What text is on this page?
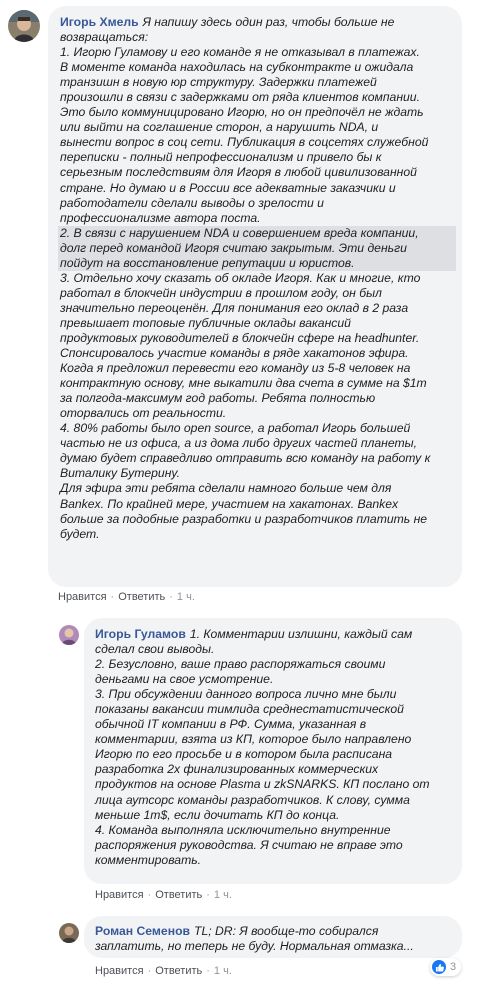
Игорь Хмель Я напишу здесь один раз, чтобы больше не
возвращаться:
1. Игорю Гуламову и его команде я не отказывал в платежах.
В моменте команда находилась на субконтракте и ожидала
транзишн в новую юр структуру. Задержки платежей
произошли в связи с задержками от ряда клиентов компании.
Это было коммуницировано Игорю, но он предпочёл не ждать
или выйти на соглашение сторон, а нарушить NDA, и
вынести вопрос в соц сети. Публикация в соцсетях служебной
переписки - полный непрофессионализм и привело бы к
серьезным последствиям для Игоря в любой цивилизованной
стране. Но думаю и в России все адекватные заказчики и
работодатели сделали выводы о зрелости и
профессионализме автора поста.
2. В связи с нарушением NDA и совершением вреда компании,
долг перед командой Игоря считаю закрытым. Эти деньги
пойдут на восстановление репутации и юристов.
3. Отдельно хочу сказать об окладе Игоря. Как и многие, кто
работал в блокчейн индустрии в прошлом году, он был
значительно переоценён. Для понимания его оклад в 2 раза
превышает топовые публичные оклады вакансий
продуктовых руководителей в блокчейн сфере на headhunter.
Спонсировалось участие команды в ряде хакатонов эфира.
Когда я предложил перевести его команду из 5-8 человек на
контрактную основу, мне выкатили два счета в сумме на $1m
за полгода-максимум год работы. Ребята полностью
оторвались от реальности.
4. 80% работы было open source, а работал Игорь большей
частью не из офиса, а из дома либо других частей планеты,
думаю будет справедливо отправить всю команду на работу к
Виталику Бутерину.
Для эфира эти ребята сделали намного больше чем для
Bankex. По крайней мере, участием на хакатонах. Bankex
больше за подобные разработки и разработчиков платить не
будет.
Нравится · Ответить · 1 ч.
Игорь Гуламов 1. Комментарии излишни, каждый сам
сделал свои выводы.
2. Безусловно, ваше право распоряжаться своими
деньгами на свое усмотрение.
3. При обсуждении данного вопроса лично мне были
показаны вакансии тимлида среднестатистической
обычной IT компании в РФ. Сумма, указанная в
комментарии, взята из КП, которое было направлено
Игорю по его просьбе и в котором была расписана
разработка 2х финализированных коммерческих
продуктов на основе Plasma и zkSNARKS. КП послано от
лица аутсорс команды разработчиков. К слову, сумма
меньше 1m$, если дочитать КП до конца.
4. Команда выполняла исключительно внутренние
распоряжения руководства. Я считаю не вправе это
комментировать.
Нравится · Ответить · 1 ч.
Роман Семенов TL; DR: Я вообще-то собирался
заплатить, но теперь не буду. Нормальная отмазка...
3
Нравится · Ответить · 1 ч.
